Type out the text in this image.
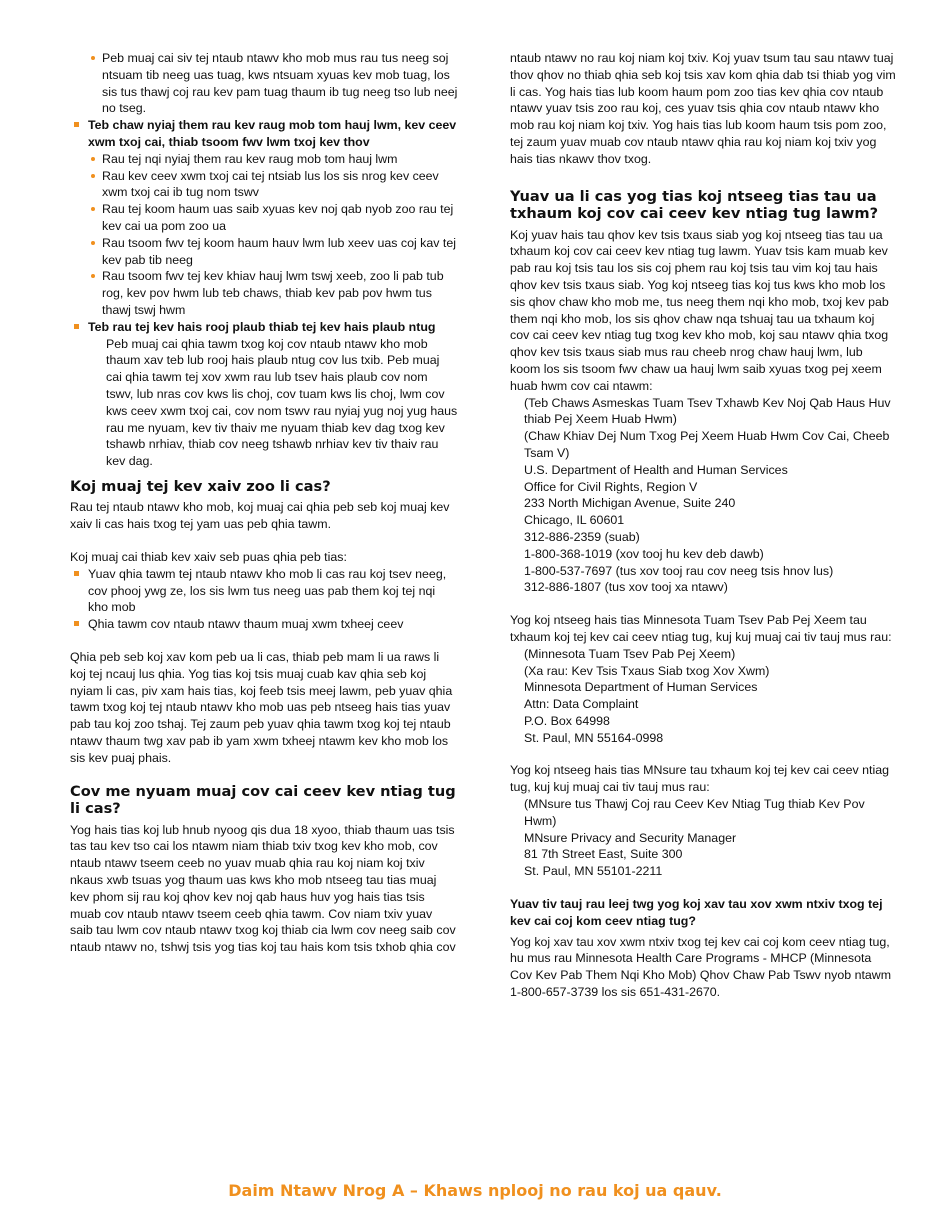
Peb muaj cai siv tej ntaub ntawv kho mob mus rau tus neeg soj ntsuam tib neeg uas tuag, kws ntsuam xyuas kev mob tuag, los sis tus thawj coj rau kev pam tuag thaum ib tug neeg tso lub neej no tseg.
Teb chaw nyiaj them rau kev raug mob tom hauj lwm, kev ceev xwm txoj cai, thiab tsoom fwv lwm txoj kev thov
Rau tej nqi nyiaj them rau kev raug mob tom hauj lwm
Rau kev ceev xwm txoj cai tej ntsiab lus los sis nrog kev ceev xwm txoj cai ib tug nom tswv
Rau tej koom haum uas saib xyuas kev noj qab nyob zoo rau tej kev cai ua pom zoo ua
Rau tsoom fwv tej koom haum hauv lwm lub xeev uas coj kav tej kev pab tib neeg
Rau tsoom fwv tej kev khiav hauj lwm tswj xeeb, zoo li pab tub rog, kev pov hwm lub teb chaws, thiab kev pab pov hwm tus thawj tswj hwm
Teb rau tej kev hais rooj plaub thiab tej kev hais plaub ntug

Peb muaj cai qhia tawm txog koj cov ntaub ntawv kho mob thaum xav teb lub rooj hais plaub ntug cov lus txib. Peb muaj cai qhia tawm tej xov xwm rau lub tsev hais plaub cov nom tswv, lub nras cov kws lis choj, cov tuam kws lis choj, lwm cov kws ceev xwm txoj cai, cov nom tswv rau nyiaj yug noj yug haus rau me nyuam, kev tiv thaiv me nyuam thiab kev dag txog kev tshawb nrhiav, thiab cov neeg tshawb nrhiav kev tiv thaiv rau kev dag.

Koj muaj tej kev xaiv zoo li cas?

Rau tej ntaub ntawv kho mob, koj muaj cai qhia peb seb koj muaj kev xaiv li cas hais txog tej yam uas peb qhia tawm.

Koj muaj cai thiab kev xaiv seb puas qhia peb tias:

Yuav qhia tawm tej ntaub ntawv kho mob li cas rau koj tsev neeg, cov phooj ywg ze, los sis lwm tus neeg uas pab them koj tej nqi kho mob
Qhia tawm cov ntaub ntawv thaum muaj xwm txheej ceev

Qhia peb seb koj xav kom peb ua li cas, thiab peb mam li ua raws li koj tej ncauj lus qhia. Yog tias koj tsis muaj cuab kav qhia seb koj nyiam li cas, piv xam hais tias, koj feeb tsis meej lawm, peb yuav qhia tawm txog koj tej ntaub ntawv kho mob uas peb ntseeg hais tias yuav pab tau koj zoo tshaj. Tej zaum peb yuav qhia tawm txog koj tej ntaub ntawv thaum twg xav pab ib yam xwm txheej ntawm kev kho mob los sis kev puaj phais.

Cov me nyuam muaj cov cai ceev kev ntiag tug li cas?

Yog hais tias koj lub hnub nyoog qis dua 18 xyoo, thiab thaum uas tsis tas tau kev tso cai los ntawm niam thiab txiv txog kev kho mob, cov ntaub ntawv tseem ceeb no yuav muab qhia rau koj niam koj txiv nkaus xwb tsuas yog thaum uas kws kho mob ntseeg tau tias muaj kev phom sij rau koj qhov kev noj qab haus huv yog hais tias tsis muab cov ntaub ntawv tseem ceeb qhia tawm. Cov niam txiv yuav saib tau lwm cov ntaub ntawv txog koj thiab cia lwm cov neeg saib cov ntaub ntawv no, tshwj tsis yog tias koj tau hais kom tsis txhob qhia cov

ntaub ntawv no rau koj niam koj txiv. Koj yuav tsum tau sau ntawv tuaj thov qhov no thiab qhia seb koj tsis xav kom qhia dab tsi thiab yog vim li cas. Yog hais tias lub koom haum pom zoo tias kev qhia cov ntaub ntawv yuav tsis zoo rau koj, ces yuav tsis qhia cov ntaub ntawv kho mob rau koj niam koj txiv. Yog hais tias lub koom haum tsis pom zoo, tej zaum yuav muab cov ntaub ntawv qhia rau koj niam koj txiv yog hais tias nkawv thov txog.

Yuav ua li cas yog tias koj ntseeg tias tau ua txhaum koj cov cai ceev kev ntiag tug lawm?

Koj yuav hais tau qhov kev tsis txaus siab yog koj ntseeg tias tau ua txhaum koj cov cai ceev kev ntiag tug lawm. Yuav tsis kam muab kev pab rau koj tsis tau los sis coj phem rau koj tsis tau vim koj tau hais qhov kev tsis txaus siab. Yog koj ntseeg tias koj tus kws kho mob los sis qhov chaw kho mob me, tus neeg them nqi kho mob, txoj kev pab them nqi kho mob, los sis qhov chaw nqa tshuaj tau ua txhaum koj cov cai ceev kev ntiag tug txog kev kho mob, koj sau ntawv qhia txog qhov kev tsis txaus siab mus rau cheeb nrog chaw hauj lwm, lub koom los sis tsoom fwv chaw ua hauj lwm saib xyuas txog pej xeem huab hwm cov cai ntawm:

(Teb Chaws Asmeskas Tuam Tsev Txhawb Kev Noj Qab Haus Huv thiab Pej Xeem Huab Hwm)
(Chaw Khiav Dej Num Txog Pej Xeem Huab Hwm Cov Cai, Cheeb Tsam V)
U.S. Department of Health and Human Services
Office for Civil Rights, Region V
233 North Michigan Avenue, Suite 240
Chicago, IL 60601
312-886-2359 (suab)
1-800-368-1019 (xov tooj hu kev deb dawb)
1-800-537-7697 (tus xov tooj rau cov neeg tsis hnov lus)
312-886-1807 (tus xov tooj xa ntawv)

Yog koj ntseeg hais tias Minnesota Tuam Tsev Pab Pej Xeem tau txhaum koj tej kev cai ceev ntiag tug, kuj kuj muaj cai tiv tauj mus rau:

(Minnesota Tuam Tsev Pab Pej Xeem)
(Xa rau: Kev Tsis Txaus Siab txog Xov Xwm)
Minnesota Department of Human Services
Attn: Data Complaint
P.O. Box 64998
St. Paul, MN 55164-0998

Yog koj ntseeg hais tias MNsure tau txhaum koj tej kev cai ceev ntiag tug, kuj kuj muaj cai tiv tauj mus rau:

(MNsure tus Thawj Coj rau Ceev Kev Ntiag Tug thiab Kev Pov Hwm)
MNsure Privacy and Security Manager
81 7th Street East, Suite 300
St. Paul, MN 55101-2211
Yuav tiv tauj rau leej twg yog koj xav tau xov xwm ntxiv txog tej kev cai coj kom ceev ntiag tug?

Yog koj xav tau xov xwm ntxiv txog tej kev cai coj kom ceev ntiag tug, hu mus rau Minnesota Health Care Programs - MHCP (Minnesota Cov Kev Pab Them Nqi Kho Mob) Qhov Chaw Pab Tswv nyob ntawm 1-800-657-3739 los sis 651-431-2670.

Daim Ntawv Nrog A – Khaws nplooj no rau koj ua qauv.
